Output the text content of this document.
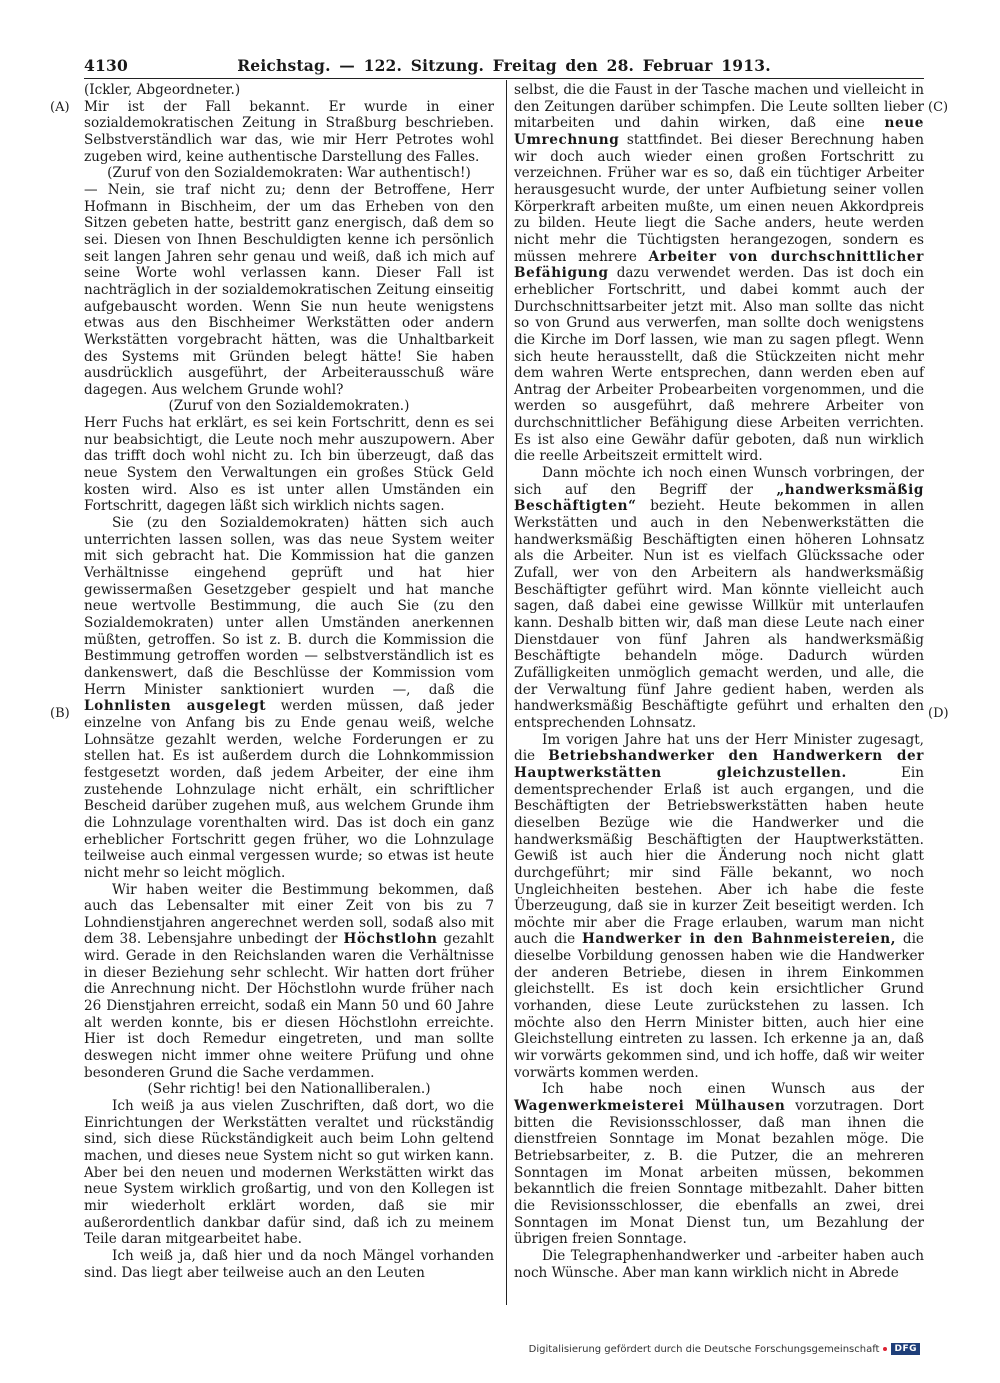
4130	Reichstag. — 122. Sitzung. Freitag den 28. Februar 1913.
(A)
(B)
(C)
(D)

(Ickler, Abgeordneter.)

Mir ist der Fall bekannt. Er wurde in einer sozialdemokratischen Zeitung in Straßburg beschrieben. Selbstverständlich war das, wie mir Herr Petrotes wohl zugeben wird, keine authentische Darstellung des Falles.

(Zuruf von den Sozialdemokraten: War authentisch!)

— Nein, sie traf nicht zu; denn der Betroffene, Herr Hofmann in Bischheim, der um das Erheben von den Sitzen gebeten hatte, bestritt ganz energisch, daß dem so sei. Diesen von Ihnen Beschuldigten kenne ich persönlich seit langen Jahren sehr genau und weiß, daß ich mich auf seine Worte wohl verlassen kann. Dieser Fall ist nachträglich in der sozialdemokratischen Zeitung einseitig aufgebauscht worden. Wenn Sie nun heute wenigstens etwas aus den Bischheimer Werkstätten oder andern Werkstätten vorgebracht hätten, was die Unhaltbarkeit des Systems mit Gründen belegt hätte! Sie haben ausdrücklich ausgeführt, der Arbeiterausschuß wäre dagegen. Aus welchem Grunde wohl?

(Zuruf von den Sozialdemokraten.)

Herr Fuchs hat erklärt, es sei kein Fortschritt, denn es sei nur beabsichtigt, die Leute noch mehr auszupowern. Aber das trifft doch wohl nicht zu. Ich bin überzeugt, daß das neue System den Verwaltungen ein großes Stück Geld kosten wird. Also es ist unter allen Umständen ein Fortschritt, dagegen läßt sich wirklich nichts sagen.

Sie (zu den Sozialdemokraten) hätten sich auch unterrichten lassen sollen, was das neue System weiter mit sich gebracht hat. Die Kommission hat die ganzen Verhältnisse eingehend geprüft und hat hier gewissermaßen Gesetzgeber gespielt und hat manche neue wertvolle Bestimmung, die auch Sie (zu den Sozialdemokraten) unter allen Umständen anerkennen müßten, getroffen. So ist z. B. durch die Kommission die Bestimmung getroffen worden — selbstverständlich ist es dankenswert, daß die Beschlüsse der Kommission vom Herrn Minister sanktioniert wurden —, daß die Lohnlisten ausgelegt werden müssen, daß jeder einzelne von Anfang bis zu Ende genau weiß, welche Lohnsätze gezahlt werden, welche Forderungen er zu stellen hat. Es ist außerdem durch die Lohnkommission festgesetzt worden, daß jedem Arbeiter, der eine ihm zustehende Lohnzulage nicht erhält, ein schriftlicher Bescheid darüber zugehen muß, aus welchem Grunde ihm die Lohnzulage vorenthalten wird. Das ist doch ein ganz erheblicher Fortschritt gegen früher, wo die Lohnzulage teilweise auch einmal vergessen wurde; so etwas ist heute nicht mehr so leicht möglich.

Wir haben weiter die Bestimmung bekommen, daß auch das Lebensalter mit einer Zeit von bis zu 7 Lohndienstjahren angerechnet werden soll, sodaß also mit dem 38. Lebensjahre unbedingt der Höchstlohn gezahlt wird. Gerade in den Reichslanden waren die Verhältnisse in dieser Beziehung sehr schlecht. Wir hatten dort früher die Anrechnung nicht. Der Höchstlohn wurde früher nach 26 Dienstjahren erreicht, sodaß ein Mann 50 und 60 Jahre alt werden konnte, bis er diesen Höchstlohn erreichte. Hier ist doch Remedur eingetreten, und man sollte deswegen nicht immer ohne weitere Prüfung und ohne besonderen Grund die Sache verdammen.

(Sehr richtig! bei den Nationalliberalen.)

Ich weiß ja aus vielen Zuschriften, daß dort, wo die Einrichtungen der Werkstätten veraltet und rückständig sind, sich diese Rückständigkeit auch beim Lohn geltend machen, und dieses neue System nicht so gut wirken kann. Aber bei den neuen und modernen Werkstätten wirkt das neue System wirklich großartig, und von den Kollegen ist mir wiederholt erklärt worden, daß sie mir außerordentlich dankbar dafür sind, daß ich zu meinem Teile daran mitgearbeitet habe.

Ich weiß ja, daß hier und da noch Mängel vorhanden sind. Das liegt aber teilweise auch an den Leuten

selbst, die die Faust in der Tasche machen und vielleicht in den Zeitungen darüber schimpfen. Die Leute sollten lieber mitarbeiten und dahin wirken, daß eine neue Umrechnung stattfindet. Bei dieser Berechnung haben wir doch auch wieder einen großen Fortschritt zu verzeichnen. Früher war es so, daß ein tüchtiger Arbeiter herausgesucht wurde, der unter Aufbietung seiner vollen Körperkraft arbeiten mußte, um einen neuen Akkordpreis zu bilden. Heute liegt die Sache anders, heute werden nicht mehr die Tüchtigsten herangezogen, sondern es müssen mehrere Arbeiter von durchschnittlicher Befähigung dazu verwendet werden. Das ist doch ein erheblicher Fortschritt, und dabei kommt auch der Durchschnittsarbeiter jetzt mit. Also man sollte das nicht so von Grund aus verwerfen, man sollte doch wenigstens die Kirche im Dorf lassen, wie man zu sagen pflegt. Wenn sich heute herausstellt, daß die Stückzeiten nicht mehr dem wahren Werte entsprechen, dann werden eben auf Antrag der Arbeiter Probearbeiten vorgenommen, und die werden so ausgeführt, daß mehrere Arbeiter von durchschnittlicher Befähigung diese Arbeiten verrichten. Es ist also eine Gewähr dafür geboten, daß nun wirklich die reelle Arbeitszeit ermittelt wird.

Dann möchte ich noch einen Wunsch vorbringen, der sich auf den Begriff der „handwerksmäßig Beschäftigten“ bezieht. Heute bekommen in allen Werkstätten und auch in den Nebenwerkstätten die handwerksmäßig Beschäftigten einen höheren Lohnsatz als die Arbeiter. Nun ist es vielfach Glückssache oder Zufall, wer von den Arbeitern als handwerksmäßig Beschäftigter geführt wird. Man könnte vielleicht auch sagen, daß dabei eine gewisse Willkür mit unterlaufen kann. Deshalb bitten wir, daß man diese Leute nach einer Dienstdauer von fünf Jahren als handwerksmäßig Beschäftigte behandeln möge. Dadurch würden Zufälligkeiten unmöglich gemacht werden, und alle, die der Verwaltung fünf Jahre gedient haben, werden als handwerksmäßig Beschäftigte geführt und erhalten den entsprechenden Lohnsatz.

Im vorigen Jahre hat uns der Herr Minister zugesagt, die Betriebshandwerker den Handwerkern der Hauptwerkstätten gleichzustellen.	Ein dementsprechender Erlaß ist auch ergangen, und die Beschäftigten der Betriebswerkstätten haben heute dieselben Bezüge wie die Handwerker und die handwerksmäßig Beschäftigten der Hauptwerkstätten. Gewiß ist auch hier die Änderung noch nicht glatt durchgeführt; mir sind Fälle bekannt, wo noch Ungleichheiten bestehen. Aber ich habe die feste Überzeugung, daß sie in kurzer Zeit beseitigt werden. Ich möchte mir aber die Frage erlauben, warum man nicht auch die Handwerker in den Bahnmeistereien, die dieselbe Vorbildung genossen haben wie die Handwerker der anderen Betriebe, diesen in ihrem Einkommen gleichstellt. Es ist doch kein ersichtlicher Grund vorhanden, diese Leute zurückstehen zu lassen. Ich möchte also den Herrn Minister bitten, auch hier eine Gleichstellung eintreten zu lassen. Ich erkenne ja an, daß wir vorwärts gekommen sind, und ich hoffe, daß wir weiter vorwärts kommen werden.

Ich habe noch einen Wunsch aus der Wagenwerkmeisterei Mülhausen vorzutragen. Dort bitten die Revisionsschlosser, daß man ihnen die dienstfreien Sonntage im Monat bezahlen möge. Die Betriebsarbeiter, z. B. die Putzer, die an mehreren Sonntagen im Monat arbeiten müssen, bekommen bekanntlich die freien Sonntage mitbezahlt. Daher bitten die Revisionsschlosser, die ebenfalls an zwei, drei Sonntagen im Monat Dienst tun, um Bezahlung der übrigen freien Sonntage.

Die Telegraphenhandwerker und -arbeiter haben auch noch Wünsche. Aber man kann wirklich nicht in Abrede

Digitalisierung gefördert durch die Deutsche Forschungsgemeinschaft	DFG
